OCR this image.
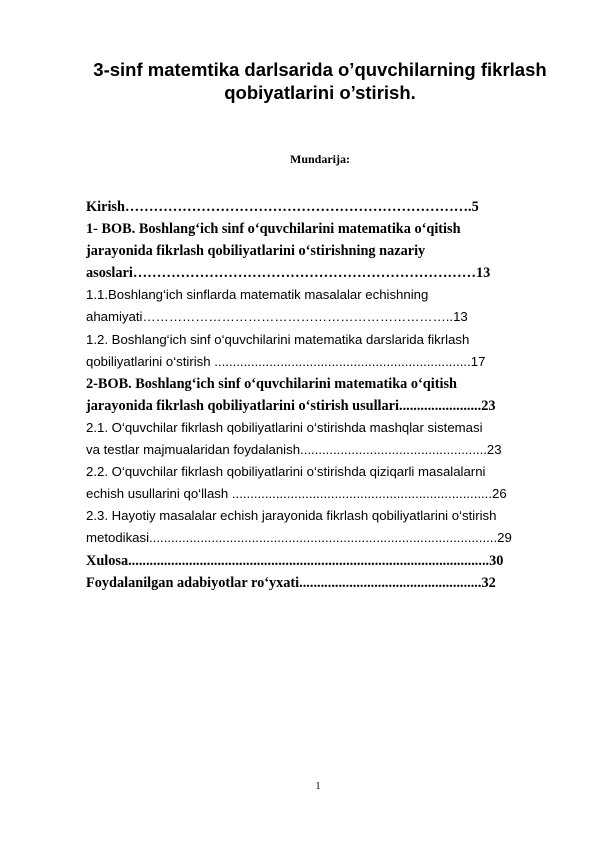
3-sinf matemtika darlsarida o’quvchilarning fikrlash qobiyatlarini o’stirish.

Mundarija:

Kirish……………………………………………………………….5
1- BOB. Boshlang‘ich sinf o‘quvchilarini matematika o‘qitish
jarayonida fikrlash qobiliyatlarini o‘stirishning nazariy
asoslari………………………………………………………………13
1.1.Boshlang‘ich sinflarda matematik masalalar echishning
ahamiyati……………………………………………………………..13
1.2. Boshlang‘ich sinf o‘quvchilarini matematika darslarida fikrlash
qobiliyatlarini o‘stirish ......................................................................17
2-BOB. Boshlang‘ich sinf o‘quvchilarini matematika o‘qitish
jarayonida fikrlash qobiliyatlarini o‘stirish usullari.......................23
2.1. O‘quvchilar fikrlash qobiliyatlarini o‘stirishda mashqlar sistemasi
va testlar majmualaridan foydalanish...................................................23
2.2. O‘quvchilar fikrlash qobiliyatlarini o‘stirishda qiziqarli masalalarni
echish usullarini qo‘llash .......................................................................26
2.3. Hayotiy masalalar echish jarayonida fikrlash qobiliyatlarini o‘stirish
metodikasi...............................................................................................29
Xulosa.....................................................................................................30
Foydalanilgan adabiyotlar ro‘yxati...................................................32

1
